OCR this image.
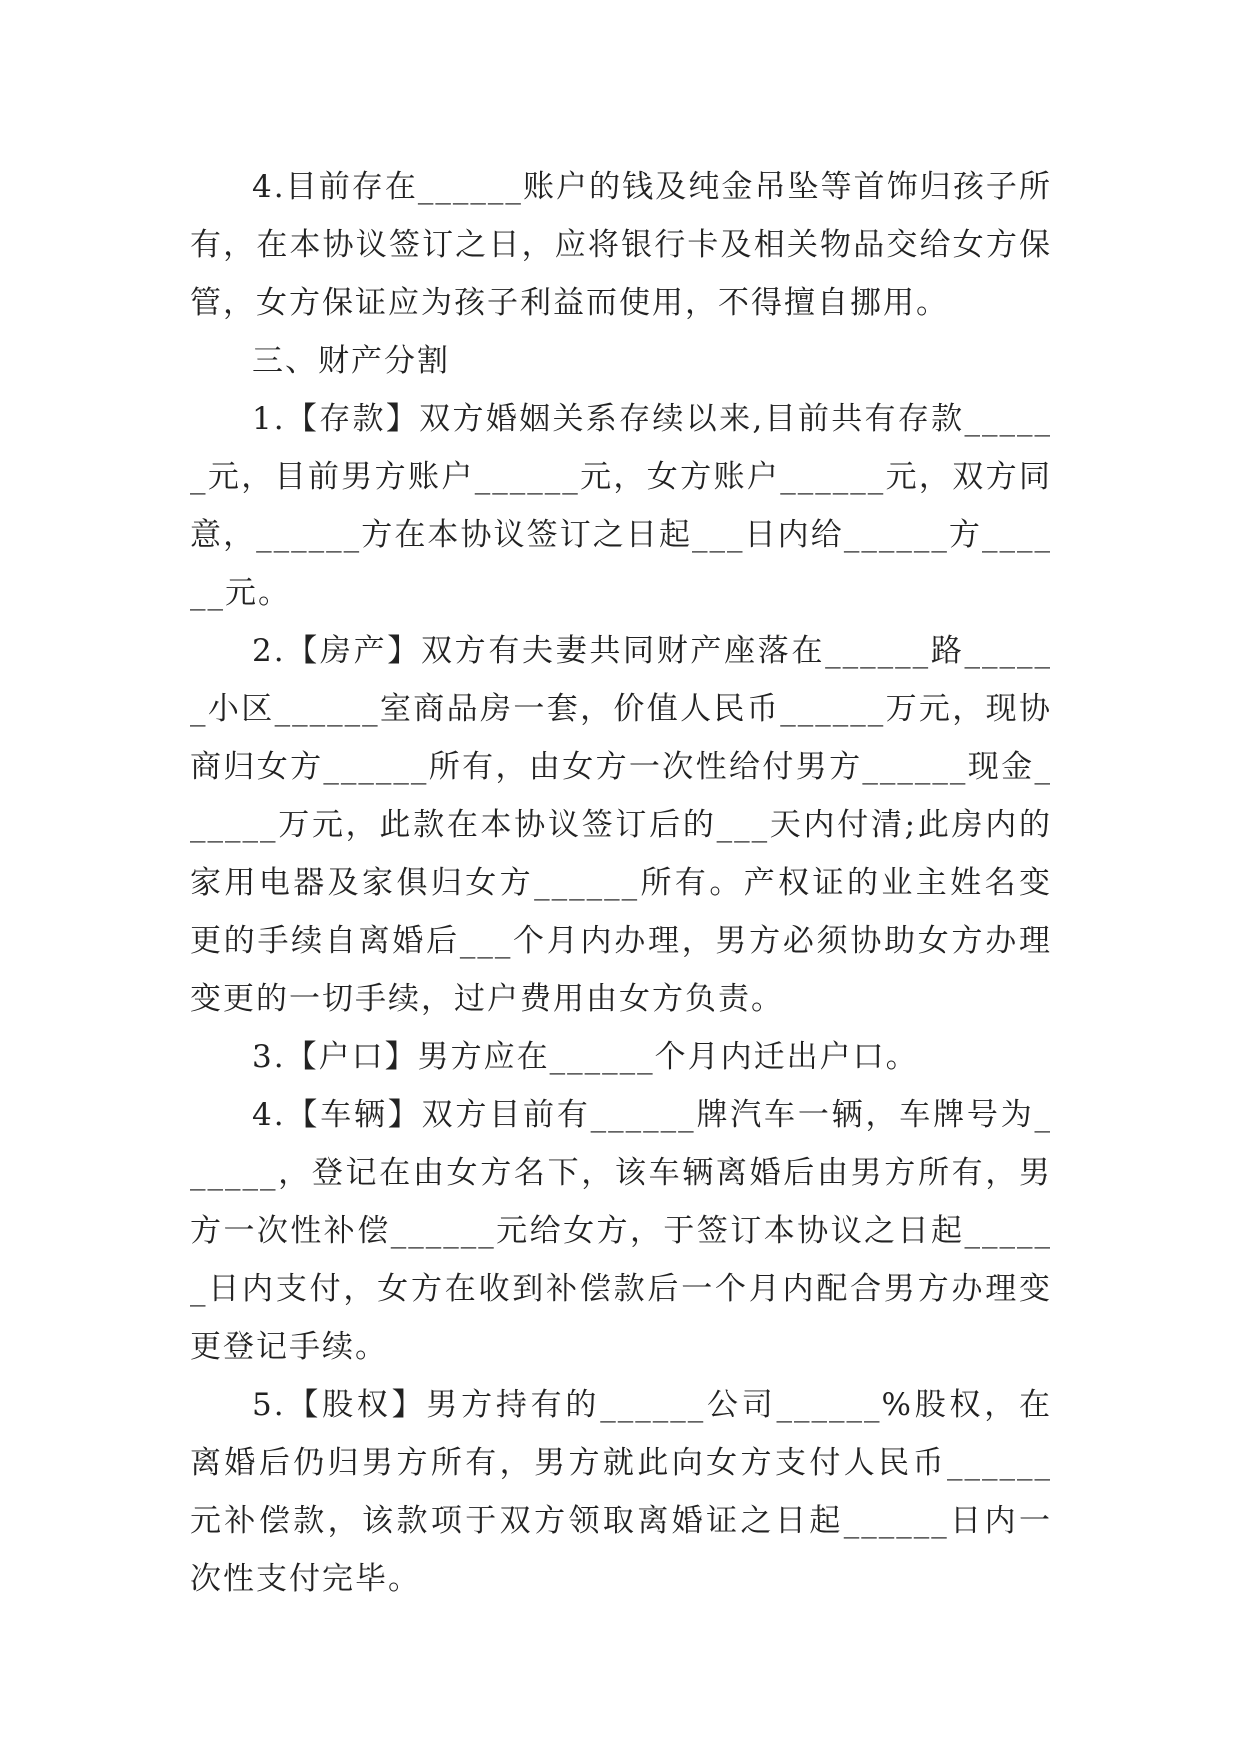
4.目前存在______账户的钱及纯金吊坠等首饰归孩子所有，在本协议签订之日，应将银行卡及相关物品交给女方保管，女方保证应为孩子利益而使用，不得擅自挪用。

三、财产分割

1.【存款】双方婚姻关系存续以来,目前共有存款______元，目前男方账户______元，女方账户______元，双方同意，______方在本协议签订之日起___日内给______方______元。

2.【房产】双方有夫妻共同财产座落在______路______小区______室商品房一套，价值人民币______万元，现协商归女方______所有，由女方一次性给付男方______现金______万元，此款在本协议签订后的___天内付清;此房内的家用电器及家俱归女方______所有。产权证的业主姓名变更的手续自离婚后___个月内办理，男方必须协助女方办理变更的一切手续，过户费用由女方负责。

3.【户口】男方应在______个月内迁出户口。

4.【车辆】双方目前有______牌汽车一辆，车牌号为______，登记在由女方名下，该车辆离婚后由男方所有，男方一次性补偿______元给女方，于签订本协议之日起______日内支付，女方在收到补偿款后一个月内配合男方办理变更登记手续。

5.【股权】男方持有的______公司______%股权，在离婚后仍归男方所有，男方就此向女方支付人民币______元补偿款，该款项于双方领取离婚证之日起______日内一次性支付完毕。
